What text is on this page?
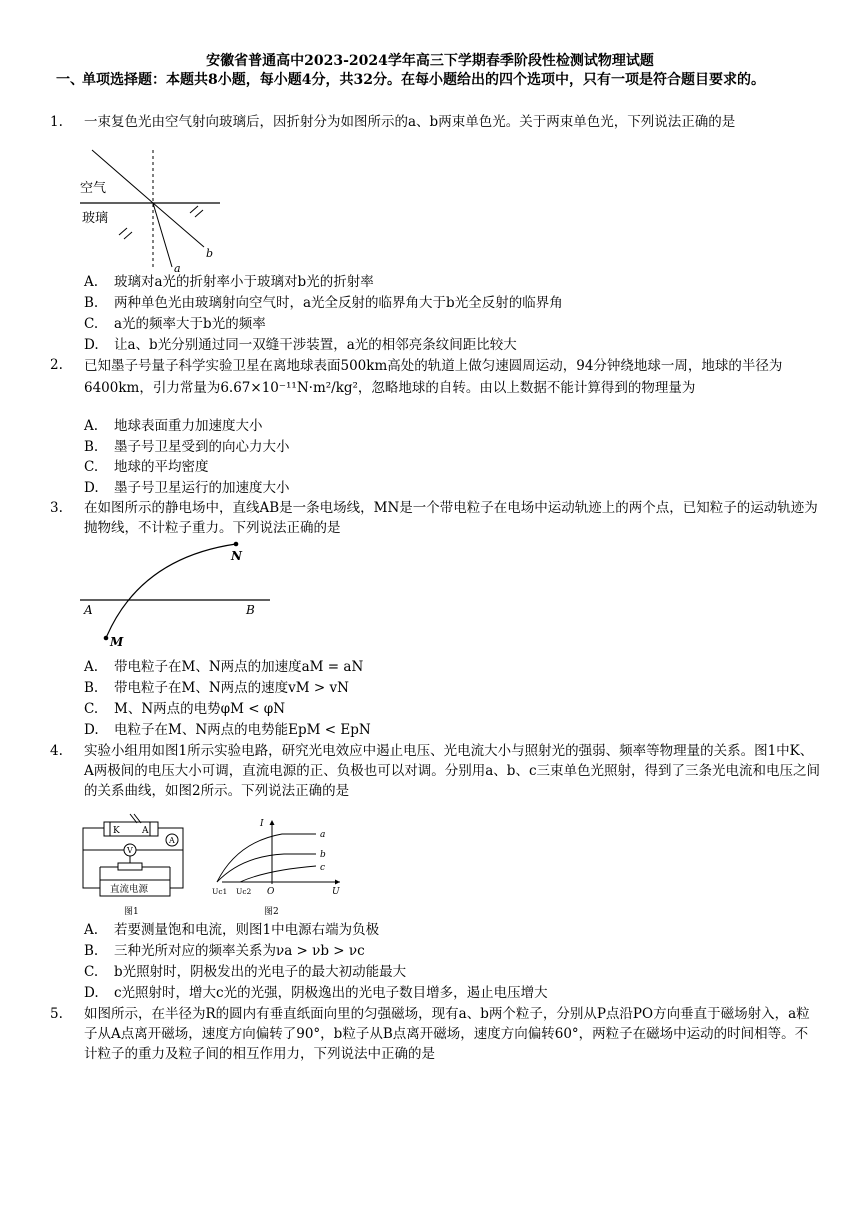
安徽省普通高中2023-2024学年高三下学期春季阶段性检测试物理试题
一、
单项选择题：本题共8小题，每小题4分，共32分。在每小题给出的四个选项中，只有一项是符合题目要求的。
1. 一束复色光由空气射向玻璃后，因折射分为如图所示的a、b两束单色光。关于两束单色光，下列说法正确的是
空气
玻璃
a
b
A. 玻璃对a光的折射率小于玻璃对b光的折射率
B. 两种单色光由玻璃射向空气时，a光全反射的临界角大于b光全反射的临界角
C. a光的频率大于b光的频率
D. 让a、b光分别通过同一双缝干涉装置，a光的相邻亮条纹间距比较大
2. 已知墨子号量子科学实验卫星在离地球表面500km高处的轨道上做匀速圆周运动，94分钟绕地球一周，地球的半径为6400km，引力常量为6.67×10⁻¹¹N·m²/kg²，忽略地球的自转。由以上数据不能计算得到的物理量为
A. 地球表面重力加速度大小
B. 墨子号卫星受到的向心力大小
C. 地球的平均密度
D. 墨子号卫星运行的加速度大小
3. 在如图所示的静电场中，直线AB是一条电场线，MN是一个带电粒子在电场中运动轨迹上的两个点，已知粒子的运动轨迹为抛物线，不计粒子重力。下列说法正确的是
A	B
M
N
A. 带电粒子在M、N两点的加速度aM = aN
B. 带电粒子在M、N两点的速度vM > vN
C. M、N两点的电势φM < φN
D. 电粒子在M、N两点的电势能EpM < EpN
4. 实验小组用如图1所示实验电路，研究光电效应中遏止电压、光电流大小与照射光的强弱、频率等物理量的关系。图1中K、A两极间的电压大小可调，直流电源的正、负极也可以对调。分别用a、b、c三束单色光照射，得到了三条光电流和电压之间的关系曲线，如图2所示。下列说法正确的是
K A
A
V
直流电源
图1
I
U
O
Uc1 Uc2
a
b
c
图2
A. 若要测量饱和电流，则图1中电源右端为负极
B. 三种光所对应的频率关系为νa > νb > νc
C. b光照射时，阴极发出的光电子的最大初动能最大
D. c光照射时，增大c光的光强，阴极逸出的光电子数目增多，遏止电压增大
5. 如图所示，在半径为R的圆内有垂直纸面向里的匀强磁场，现有a、b两个粒子，分别从P点沿PO方向垂直于磁场射入，a粒子从A点离开磁场，速度方向偏转了90°，b粒子从B点离开磁场，速度方向偏转60°，两粒子在磁场中运动的时间相等。不计粒子的重力及粒子间的相互作用力，下列说法中正确的是
